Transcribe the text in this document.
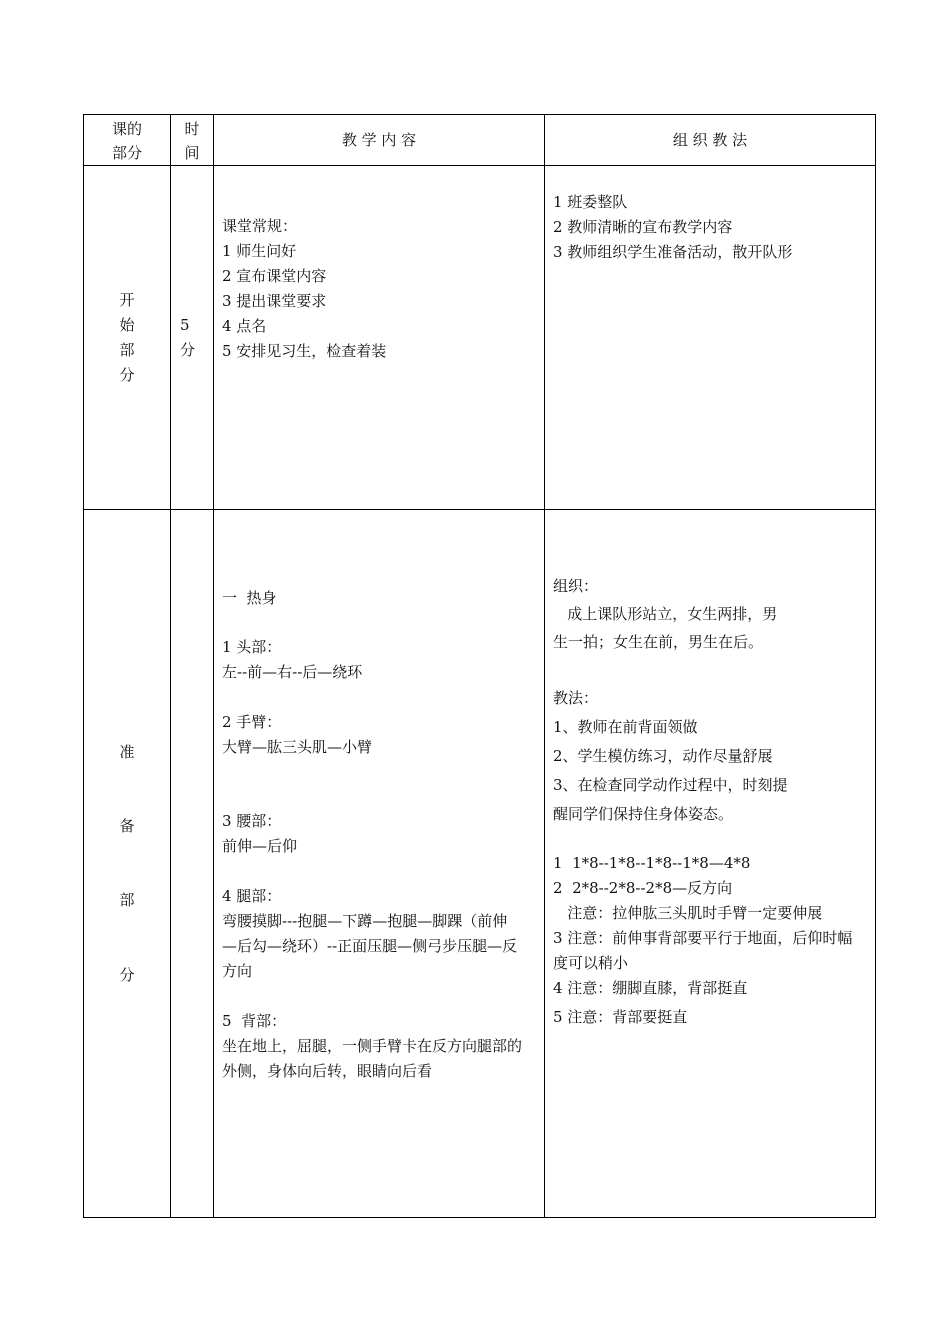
课的
部分
时
间
教 学 内 容	组 织 教 法
开
始
部
分
5
分
课堂常规：
1 师生问好
2 宣布课堂内容
3 提出课堂要求
4 点名
5 安排见习生，检查着装
1 班委整队
2 教师清晰的宣布教学内容
3 教师组织学生准备活动，散开队形
准
备
部
分
一  热身
1 头部：
左--前—右--后—绕环
2 手臂：
大臂—肱三头肌—小臂
3 腰部：
前伸—后仰
4 腿部：
弯腰摸脚---抱腿—下蹲—抱腿—脚踝（前伸
—后勾—绕环）--正面压腿—侧弓步压腿—反
方向
5  背部：
坐在地上，屈腿，一侧手臂卡在反方向腿部的
外侧，身体向后转，眼睛向后看
组织：
成上课队形站立，女生两排，男
生一拍；女生在前，男生在后。
教法：
1、教师在前背面领做
2、学生模仿练习，动作尽量舒展
3、在检查同学动作过程中，时刻提
醒同学们保持住身体姿态。
1  1*8--1*8--1*8--1*8—4*8
2  2*8--2*8--2*8—反方向
注意：拉伸肱三头肌时手臂一定要伸展
3 注意：前伸事背部要平行于地面，后仰时幅
度可以稍小
4 注意：绷脚直膝，背部挺直
5 注意：背部要挺直
